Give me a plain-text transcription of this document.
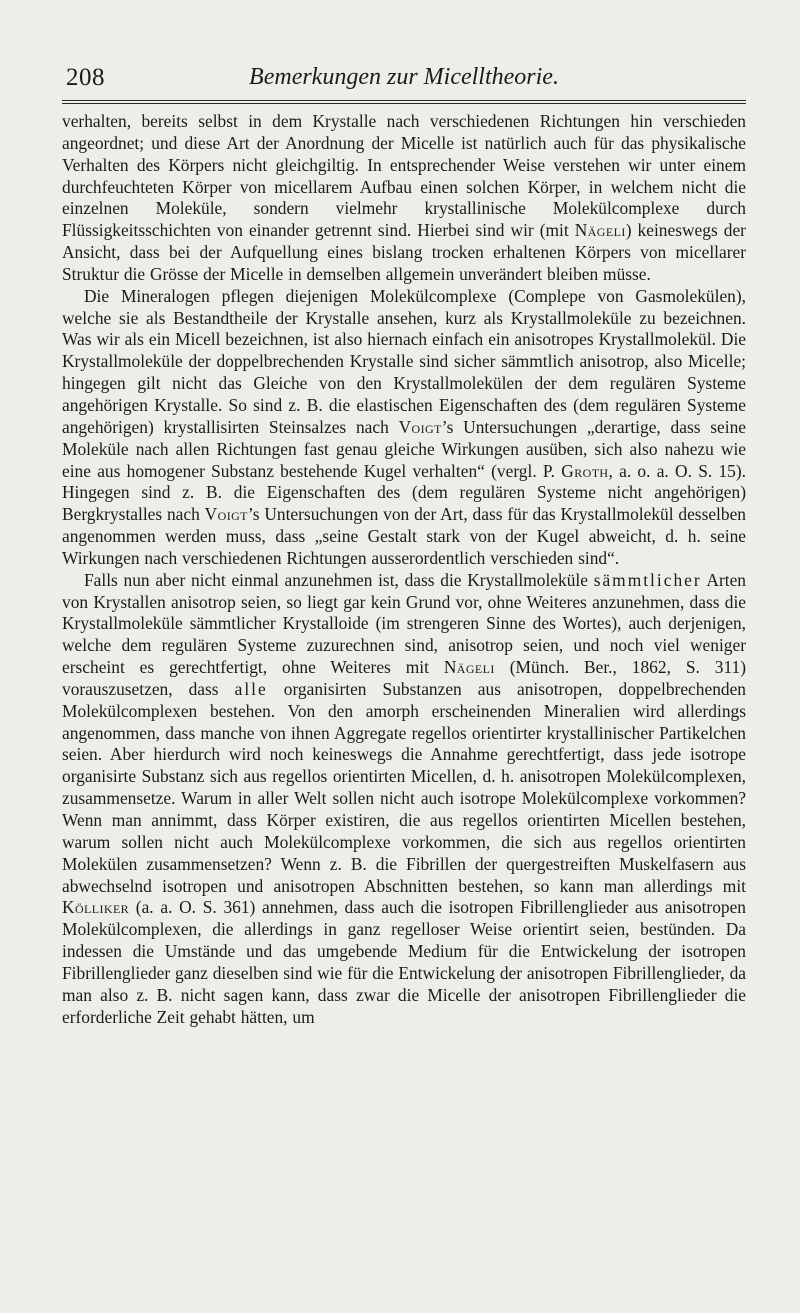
208	Bemerkungen zur Micelltheorie.

verhalten, bereits selbst in dem Krystalle nach verschiedenen Richtungen hin verschieden angeordnet; und diese Art der Anordnung der Micelle ist natürlich auch für das physikalische Verhalten des Körpers nicht gleichgiltig. In entsprechender Weise verstehen wir unter einem durchfeuchteten Körper von micellarem Aufbau einen solchen Körper, in welchem nicht die einzelnen Moleküle, sondern vielmehr krystallinische Molekülcomplexe durch Flüssigkeitsschichten von einander getrennt sind. Hierbei sind wir (mit Nägeli) keineswegs der Ansicht, dass bei der Aufquellung eines bislang trocken erhaltenen Körpers von micellarer Struktur die Grösse der Micelle in demselben allgemein unverändert bleiben müsse.

Die Mineralogen pflegen diejenigen Molekülcomplexe (Complepe von Gasmolekülen), welche sie als Bestandtheile der Krystalle ansehen, kurz als Krystallmoleküle zu bezeichnen. Was wir als ein Micell bezeichnen, ist also hiernach einfach ein anisotropes Krystallmolekül. Die Krystallmoleküle der doppelbrechenden Krystalle sind sicher sämmtlich anisotrop, also Micelle; hingegen gilt nicht das Gleiche von den Krystallmolekülen der dem regulären Systeme angehörigen Krystalle. So sind z. B. die elastischen Eigenschaften des (dem regulären Systeme angehörigen) krystallisirten Steinsalzes nach Voigt’s Untersuchungen „derartige, dass seine Moleküle nach allen Richtungen fast genau gleiche Wirkungen ausüben, sich also nahezu wie eine aus homogener Substanz bestehende Kugel verhalten“ (vergl. P. Groth, a. o. a. O. S. 15). Hingegen sind z. B. die Eigenschaften des (dem regulären Systeme nicht angehörigen) Bergkrystalles nach Voigt’s Untersuchungen von der Art, dass für das Krystallmolekül desselben angenommen werden muss, dass „seine Gestalt stark von der Kugel abweicht, d. h. seine Wirkungen nach verschiedenen Richtungen ausserordentlich verschieden sind“.

Falls nun aber nicht einmal anzunehmen ist, dass die Krystallmoleküle sämmtlicher Arten von Krystallen anisotrop seien, so liegt gar kein Grund vor, ohne Weiteres anzunehmen, dass die Krystallmoleküle sämmtlicher Krystalloide (im strengeren Sinne des Wortes), auch derjenigen, welche dem regulären Systeme zuzurechnen sind, anisotrop seien, und noch viel weniger erscheint es gerechtfertigt, ohne Weiteres mit Nägeli (Münch. Ber., 1862, S. 311) vorauszusetzen, dass alle organisirten Substanzen aus anisotropen, doppelbrechenden Molekülcomplexen bestehen. Von den amorph erscheinenden Mineralien wird allerdings angenommen, dass manche von ihnen Aggregate regellos orientirter krystallinischer Partikelchen seien. Aber hierdurch wird noch keineswegs die Annahme gerechtfertigt, dass jede isotrope organisirte Substanz sich aus regellos orientirten Micellen, d. h. anisotropen Molekülcomplexen, zusammensetze. Warum in aller Welt sollen nicht auch isotrope Molekülcomplexe vorkommen? Wenn man annimmt, dass Körper existiren, die aus regellos orientirten Micellen bestehen, warum sollen nicht auch Molekülcomplexe vorkommen, die sich aus regellos orientirten Molekülen zusammensetzen? Wenn z. B. die Fibrillen der quergestreiften Muskelfasern aus abwechselnd isotropen und anisotropen Abschnitten bestehen, so kann man allerdings mit Kölliker (a. a. O. S. 361) annehmen, dass auch die isotropen Fibrillenglieder aus anisotropen Molekülcomplexen, die allerdings in ganz regelloser Weise orientirt seien, bestünden. Da indessen die Umstände und das umgebende Medium für die Entwickelung der isotropen Fibrillenglieder ganz dieselben sind wie für die Entwickelung der anisotropen Fibrillenglieder, da man also z. B. nicht sagen kann, dass zwar die Micelle der anisotropen Fibrillenglieder die erforderliche Zeit gehabt hätten, um
